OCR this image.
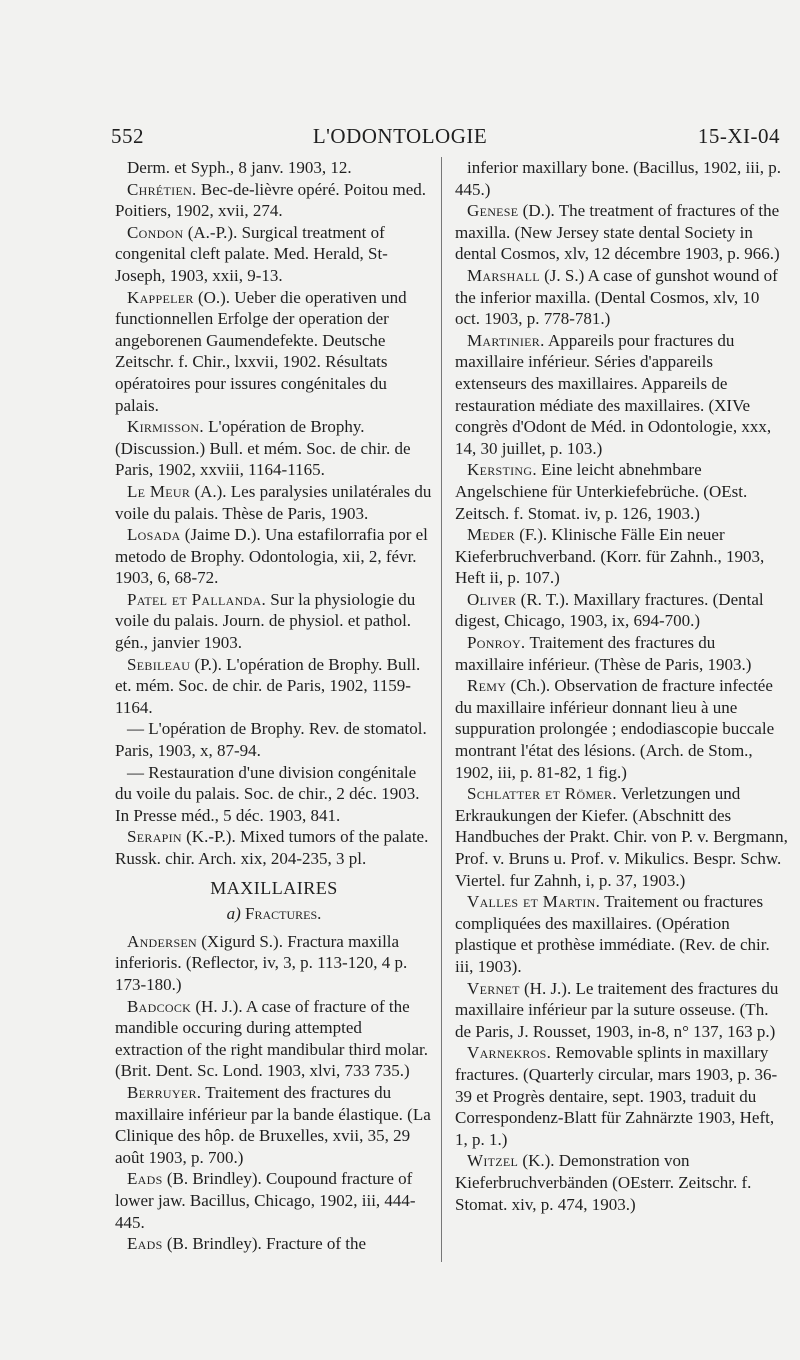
552	L'ODONTOLOGIE	15-XI-04
Derm. et Syph., 8 janv. 1903, 12.
Chrétien. Bec-de-lièvre opéré. Poitou med. Poitiers, 1902, xvii, 274.
Condon (A.-P.). Surgical treatment of congenital cleft palate. Med. Herald, St-Joseph, 1903, xxii, 9-13.
Kappeler (O.). Ueber die operativen und functionnellen Erfolge der operation der angeborenen Gaumendefekte. Deutsche Zeitschr. f. Chir., lxxvii, 1902. Résultats opératoires pour issures congénitales du palais.
Kirmisson. L'opération de Brophy. (Discussion.) Bull. et mém. Soc. de chir. de Paris, 1902, xxviii, 1164-1165.
Le Meur (A.). Les paralysies unilatérales du voile du palais. Thèse de Paris, 1903.
Losada (Jaime D.). Una estafilorrafia por el metodo de Brophy. Odontologia, xii, 2, févr. 1903, 6, 68-72.
Patel et Pallanda. Sur la physiologie du voile du palais. Journ. de physiol. et pathol. gén., janvier 1903.
Sebileau (P.). L'opération de Brophy. Bull. et. mém. Soc. de chir. de Paris, 1902, 1159-1164.
— L'opération de Brophy. Rev. de stomatol. Paris, 1903, x, 87-94.
— Restauration d'une division congénitale du voile du palais. Soc. de chir., 2 déc. 1903. In Presse méd., 5 déc. 1903, 841.
Serapin (K.-P.). Mixed tumors of the palate. Russk. chir. Arch. xix, 204-235, 3 pl.
MAXILLAIRES
a) Fractures.
Andersen (Xigurd S.). Fractura maxilla inferioris. (Reflector, iv, 3, p. 113-120, 4 p. 173-180.)
Badcock (H. J.). A case of fracture of the mandible occuring during attempted extraction of the right mandibular third molar. (Brit. Dent. Sc. Lond. 1903, xlvi, 733 735.)
Berruyer. Traitement des fractures du maxillaire inférieur par la bande élastique. (La Clinique des hôp. de Bruxelles, xvii, 35, 29 août 1903, p. 700.)
Eads (B. Brindley). Coupound fracture of lower jaw. Bacillus, Chicago, 1902, iii, 444-445.
Eads (B. Brindley). Fracture of the
inferior maxillary bone. (Bacillus, 1902, iii, p. 445.)
Genese (D.). The treatment of fractures of the maxilla. (New Jersey state dental Society in dental Cosmos, xlv, 12 décembre 1903, p. 966.)
Marshall (J. S.) A case of gunshot wound of the inferior maxilla. (Dental Cosmos, xlv, 10 oct. 1903, p. 778-781.)
Martinier. Appareils pour fractures du maxillaire inférieur. Séries d'appareils extenseurs des maxillaires. Appareils de restauration médiate des maxillaires. (XIVe congrès d'Odont de Méd. in Odontologie, xxx, 14, 30 juillet, p. 103.)
Kersting. Eine leicht abnehmbare Angelschiene für Unterkiefebrüche. (OEst. Zeitsch. f. Stomat. iv, p. 126, 1903.)
Meder (F.). Klinische Fälle Ein neuer Kieferbruchverband. (Korr. für Zahnh., 1903, Heft ii, p. 107.)
Oliver (R. T.). Maxillary fractures. (Dental digest, Chicago, 1903, ix, 694-700.)
Ponroy. Traitement des fractures du maxillaire inférieur. (Thèse de Paris, 1903.)
Remy (Ch.). Observation de fracture infectée du maxillaire inférieur donnant lieu à une suppuration prolongée ; endodiascopie buccale montrant l'état des lésions. (Arch. de Stom., 1902, iii, p. 81-82, 1 fig.)
Schlatter et Römer. Verletzungen und Erkraukungen der Kiefer. (Abschnitt des Handbuches der Prakt. Chir. von P. v. Bergmann, Prof. v. Bruns u. Prof. v. Mikulics. Bespr. Schw. Viertel. fur Zahnh, i, p. 37, 1903.)
Valles et Martin. Traitement ou fractures compliquées des maxillaires. (Opération plastique et prothèse immédiate. (Rev. de chir. iii, 1903).
Vernet (H. J.). Le traitement des fractures du maxillaire inférieur par la suture osseuse. (Th. de Paris, J. Rousset, 1903, in-8, n° 137, 163 p.)
Varnekros. Removable splints in maxillary fractures. (Quarterly circular, mars 1903, p. 36-39 et Progrès dentaire, sept. 1903, traduit du Correspondenz-Blatt für Zahnärzte 1903, Heft, 1, p. 1.)
Witzel (K.). Demonstration von Kieferbruchverbänden (OEsterr. Zeitschr. f. Stomat. xiv, p. 474, 1903.)
